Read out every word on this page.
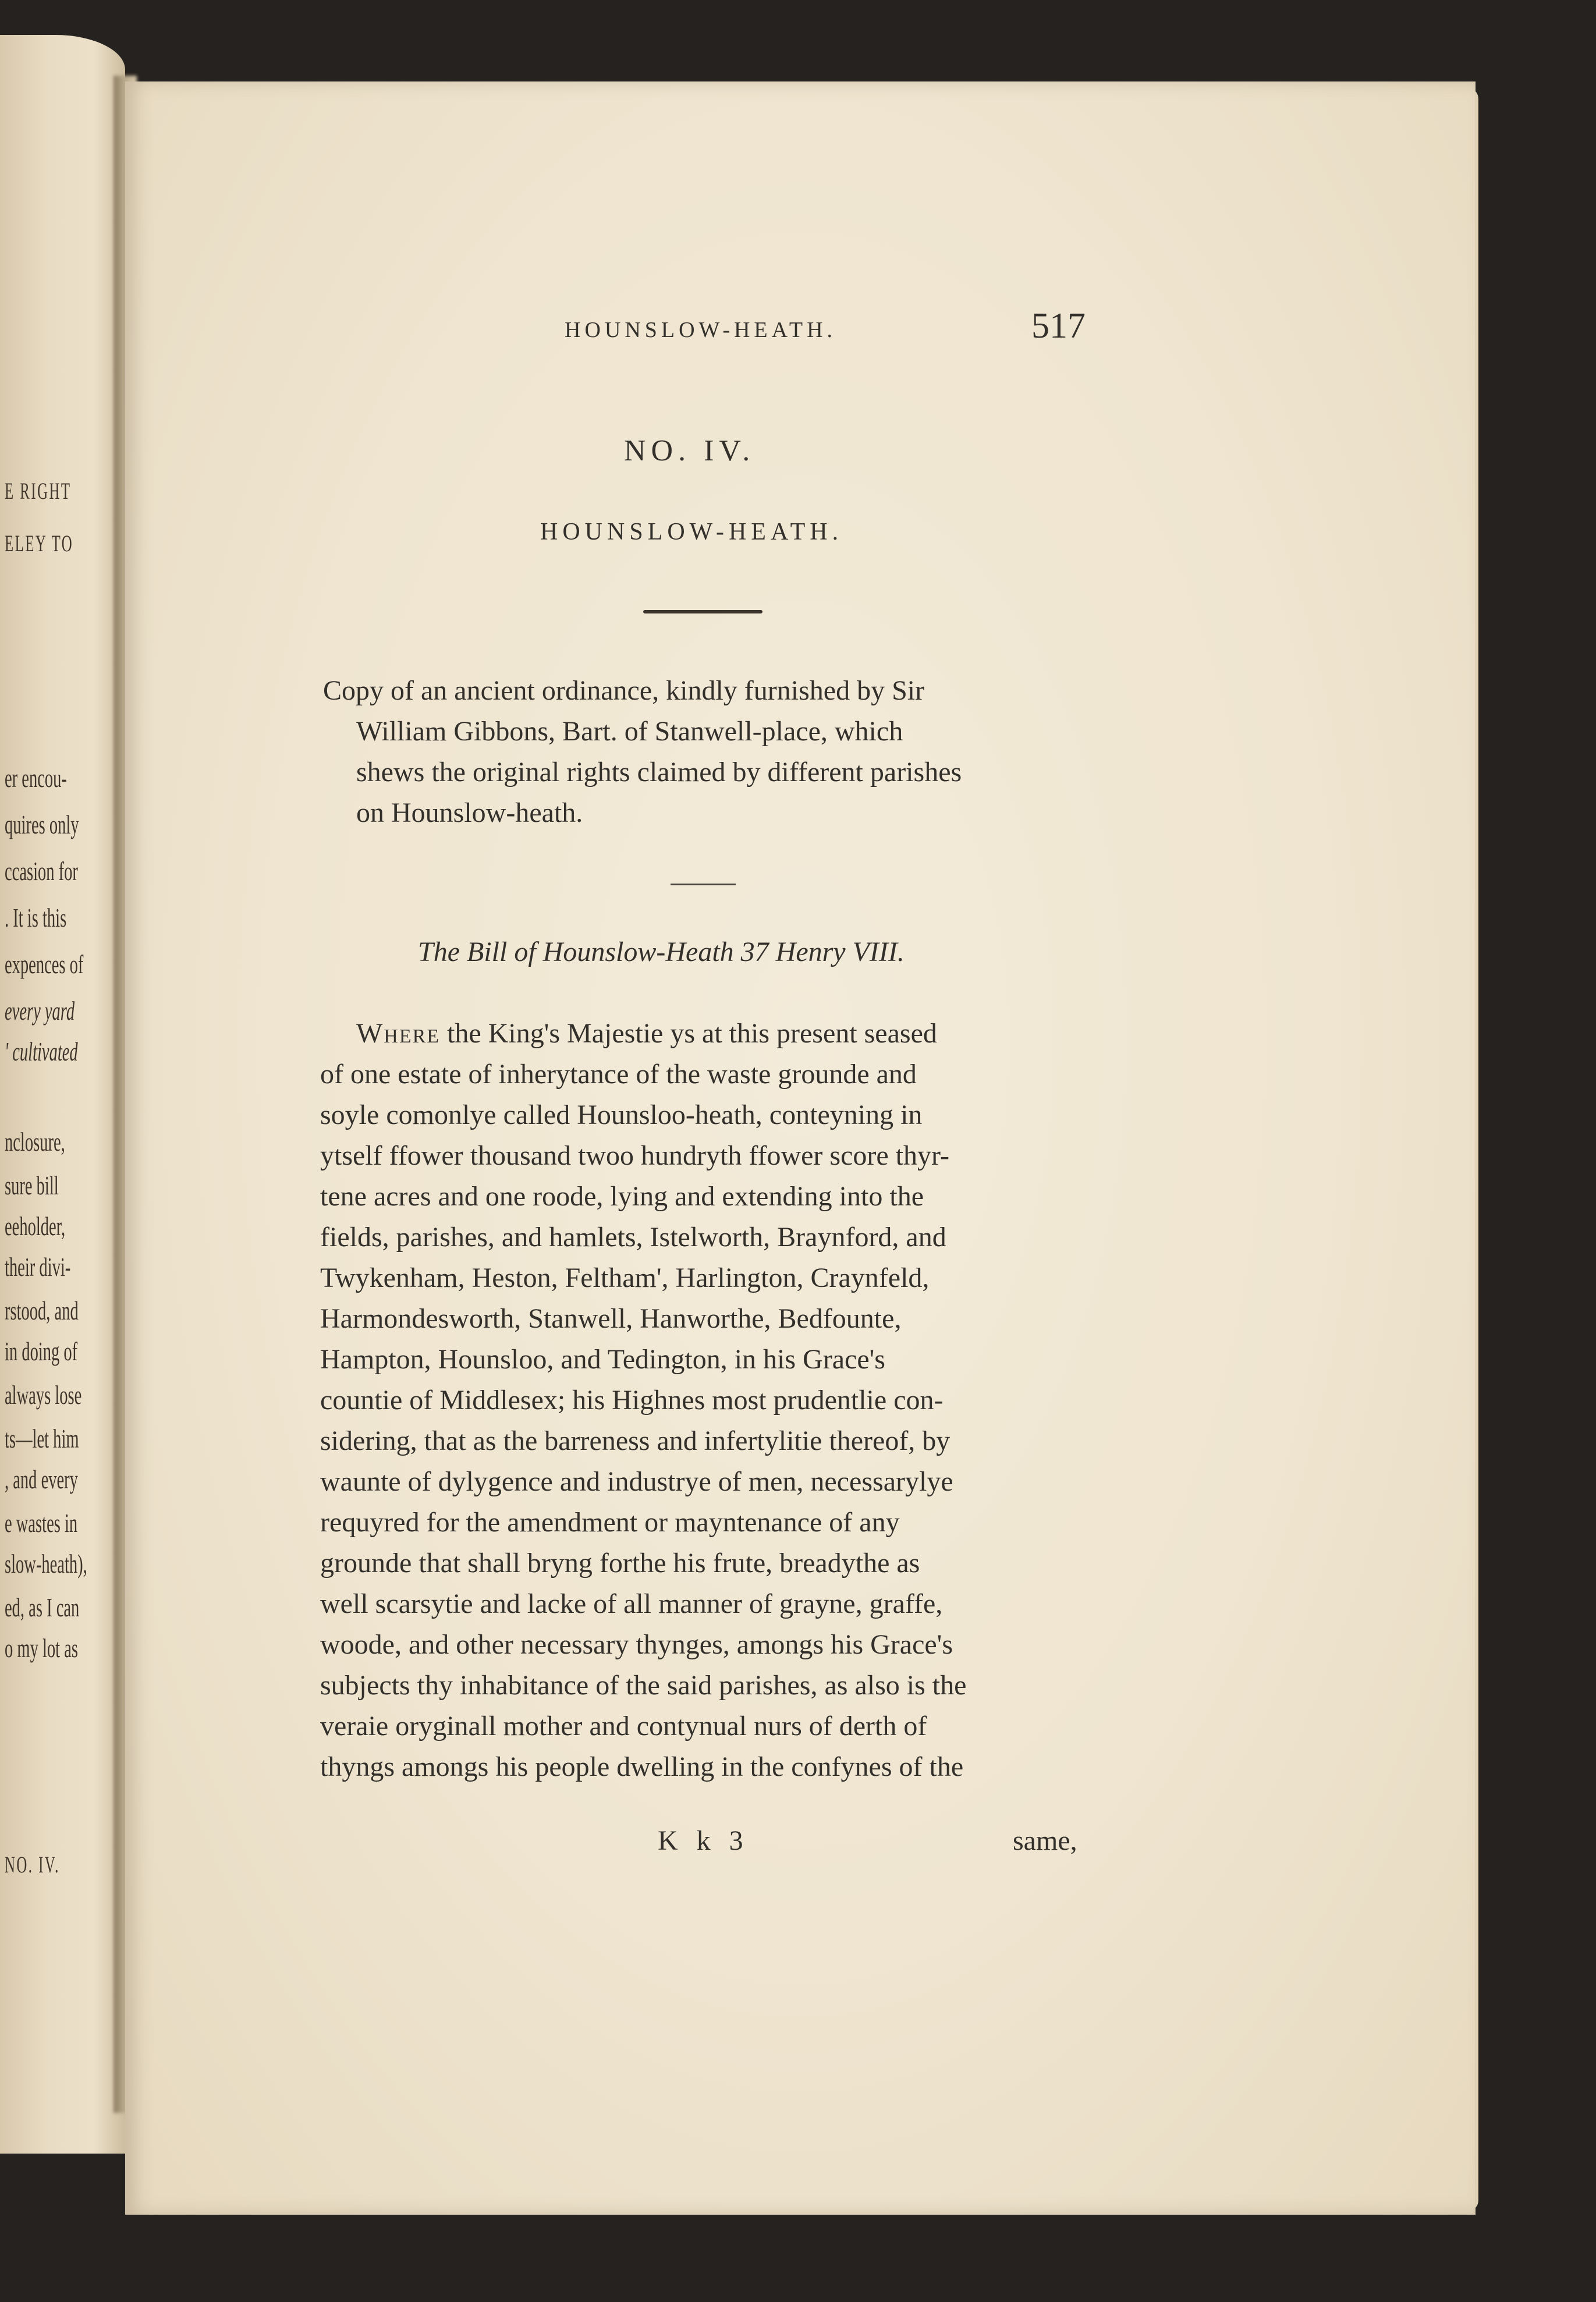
E RIGHT
ELEY TO
er encou-
quires only
ccasion for
. It is this
expences of
every yard
' cultivated
nclosure,
sure bill
eeholder,
their divi-
rstood, and
in doing of
always lose
ts—let him
, and every
e wastes in
slow-heath),
ed, as I can
o my lot as
NO. IV.
HOUNSLOW-HEATH.	517
NO. IV.
HOUNSLOW-HEATH.
Copy of an ancient ordinance, kindly furnished by Sir
William Gibbons, Bart. of Stanwell-place, which
shews the original rights claimed by different parishes
on Hounslow-heath.
The Bill of Hounslow-Heath 37 Henry VIII.
Where the King's Majestie ys at this present seased
of one estate of inherytance of the waste grounde and
soyle comonlye called Hounsloo-heath, conteyning in
ytself ffower thousand twoo hundryth ffower score thyr-
tene acres and one roode, lying and extending into the
fields, parishes, and hamlets, Istelworth, Braynford, and
Twykenham, Heston, Feltham', Harlington, Craynfeld,
Harmondesworth, Stanwell, Hanworthe, Bedfounte,
Hampton, Hounsloo, and Tedington, in his Grace's
countie of Middlesex; his Highnes most prudentlie con-
sidering, that as the barreness and infertylitie thereof, by
waunte of dylygence and industrye of men, necessarylye
requyred for the amendment or mayntenance of any
grounde that shall bryng forthe his frute, breadythe as
well scarsytie and lacke of all manner of grayne, graffe,
woode, and other necessary thynges, amongs his Grace's
subjects thy inhabitance of the said parishes, as also is the
veraie oryginall mother and contynual nurs of derth of
thyngs amongs his people dwelling in the confynes of the
K k 3	same,
